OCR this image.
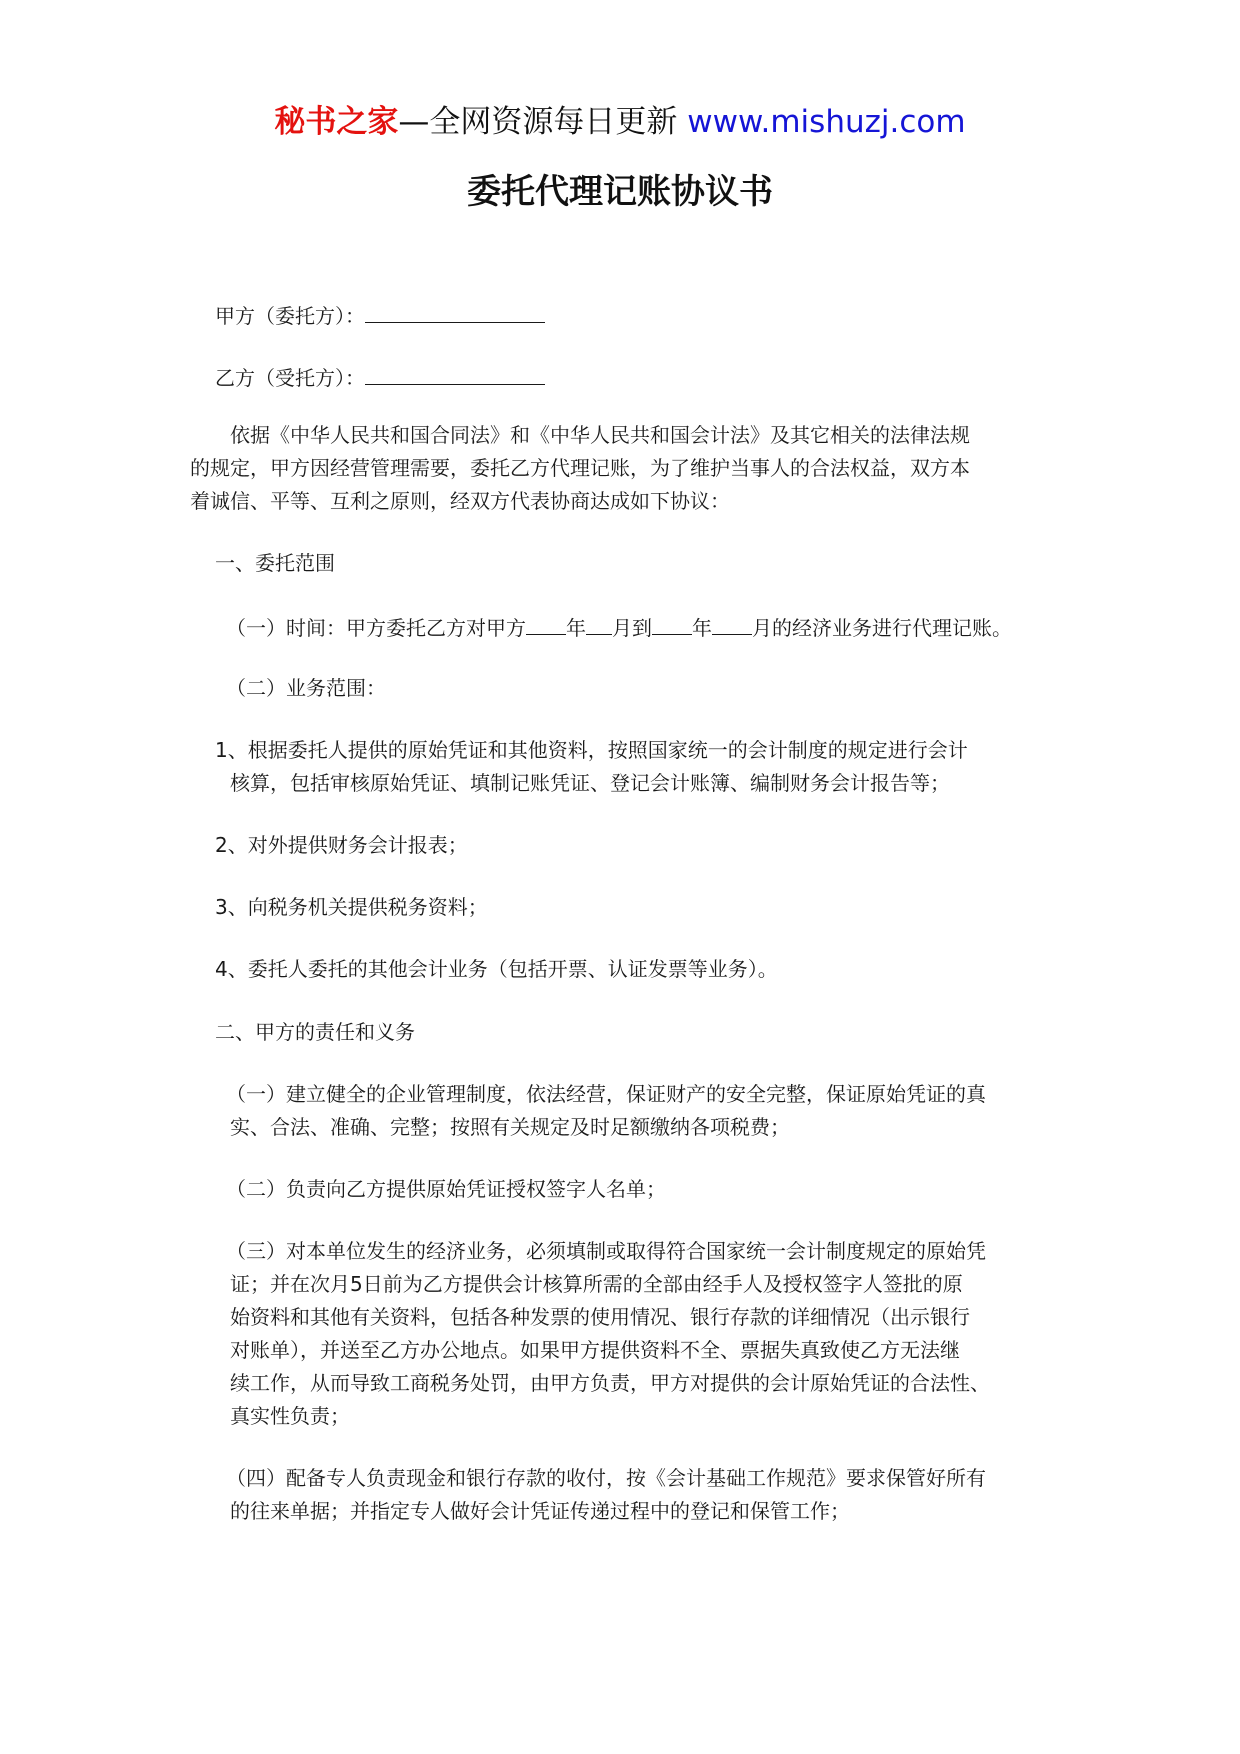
秘书之家—全网资源每日更新 www.mishuzj.com
委托代理记账协议书

甲方（委托方）：

乙方（受托方）：

依据《中华人民共和国合同法》和《中华人民共和国会计法》及其它相关的法律法规

的规定，甲方因经营管理需要，委托乙方代理记账，为了维护当事人的合法权益，双方本

着诚信、平等、互利之原则，经双方代表协商达成如下协议：

一、委托范围

（一）时间：甲方委托乙方对甲方 年 月到 年 月的经济业务进行代理记账。

（二）业务范围：

1、根据委托人提供的原始凭证和其他资料，按照国家统一的会计制度的规定进行会计

核算，包括审核原始凭证、填制记账凭证、登记会计账簿、编制财务会计报告等；

2、对外提供财务会计报表；

3、向税务机关提供税务资料；

4、委托人委托的其他会计业务（包括开票、认证发票等业务）。

二、甲方的责任和义务

（一）建立健全的企业管理制度，依法经营，保证财产的安全完整，保证原始凭证的真

实、合法、准确、完整；按照有关规定及时足额缴纳各项税费；

（二）负责向乙方提供原始凭证授权签字人名单；

（三）对本单位发生的经济业务，必须填制或取得符合国家统一会计制度规定的原始凭

证；并在次月5日前为乙方提供会计核算所需的全部由经手人及授权签字人签批的原

始资料和其他有关资料，包括各种发票的使用情况、银行存款的详细情况（出示银行

对账单），并送至乙方办公地点。如果甲方提供资料不全、票据失真致使乙方无法继

续工作，从而导致工商税务处罚，由甲方负责，甲方对提供的会计原始凭证的合法性、

真实性负责；

（四）配备专人负责现金和银行存款的收付，按《会计基础工作规范》要求保管好所有

的往来单据；并指定专人做好会计凭证传递过程中的登记和保管工作；
